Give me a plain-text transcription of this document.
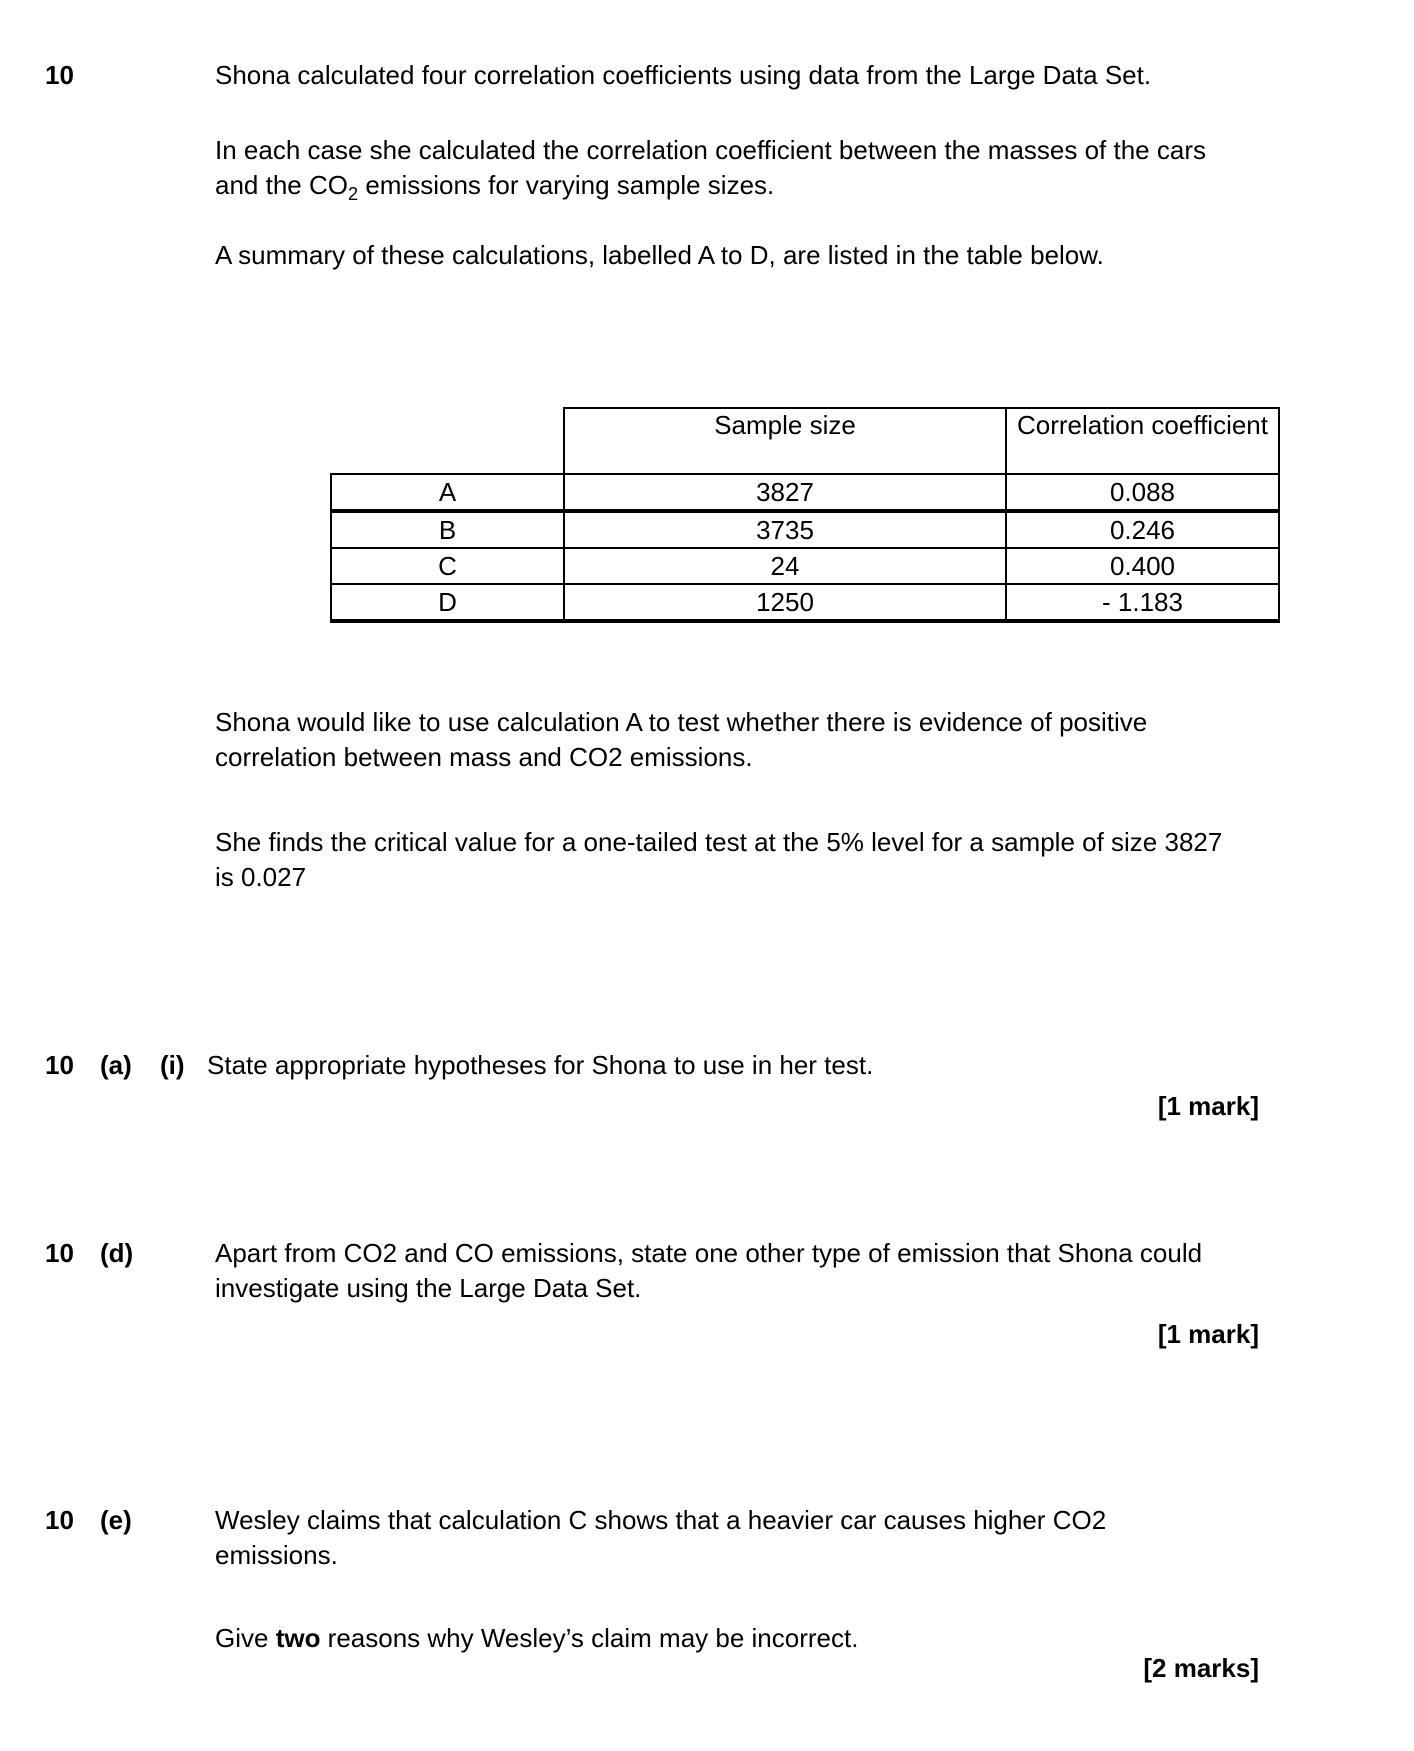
10	Shona calculated four correlation coefficients using data from the Large Data Set.
In each case she calculated the correlation coefficient between the masses of the cars
and the $CO_2$ emissions for varying sample sizes.
A summary of these calculations, labelled A to D, are listed in the table below.
	Sample size	Correlation coefficient
A	3827	0.088
B	3735	0.246
C	24	0.400
D	1250	- 1.183
Shona would like to use calculation A to test whether there is evidence of positive
correlation between mass and CO2 emissions.
She finds the critical value for a one-tailed test at the 5% level for a sample of size 3827
is 0.027
10 (a) (i) State appropriate hypotheses for Shona to use in her test.
[1 mark]
10 (d)	Apart from CO2 and CO emissions, state one other type of emission that Shona could
investigate using the Large Data Set.
[1 mark]
10 (e)	Wesley claims that calculation C shows that a heavier car causes higher CO2
emissions.
Give two reasons why Wesley’s claim may be incorrect.
[2 marks]
